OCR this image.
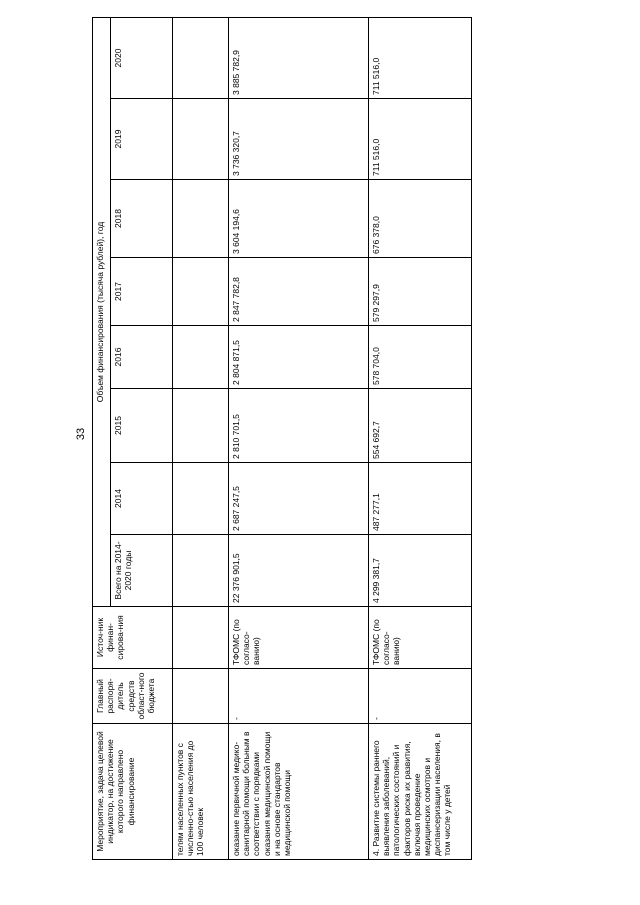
33
Мероприятие, задача целевой индикатор, на достижение которого направлено финансирование	Главный распоря-дитель средств област-ного бюджета	Источ-ник финан-сирова-ния	Объем финансирования (тысяча рублей), год							
			Всего на 2014-2020 годы	2014	2015	2016	2017	2018	2019	2020
телям населенных пунктов с численно-стью населения до 100 человек										
оказание первичной медико-санитарной помощи больным в соответствии с порядками оказания медицинской помощи и на основе стандартов медицинской помощи	-	ТФОМС (по согласо-ванию)	22 376 901,5	2 687 247,5	2 810 701,5	2 804 871,5	2 847 782,8	3 604 194,6	3 736 320,7	3 885 782,9
4. Развитие системы раннего выявления заболеваний, патологических состояний и факторов риска их развития, включая проведение медицинских осмотров и диспансеризации населения, в том числе у детей	-	ТФОМС (по согласо-ванию)	4 299 381,7	487 277,1	554 692,7	578 704,0	579 297,9	676 378,0	711 516,0	711 516,0
